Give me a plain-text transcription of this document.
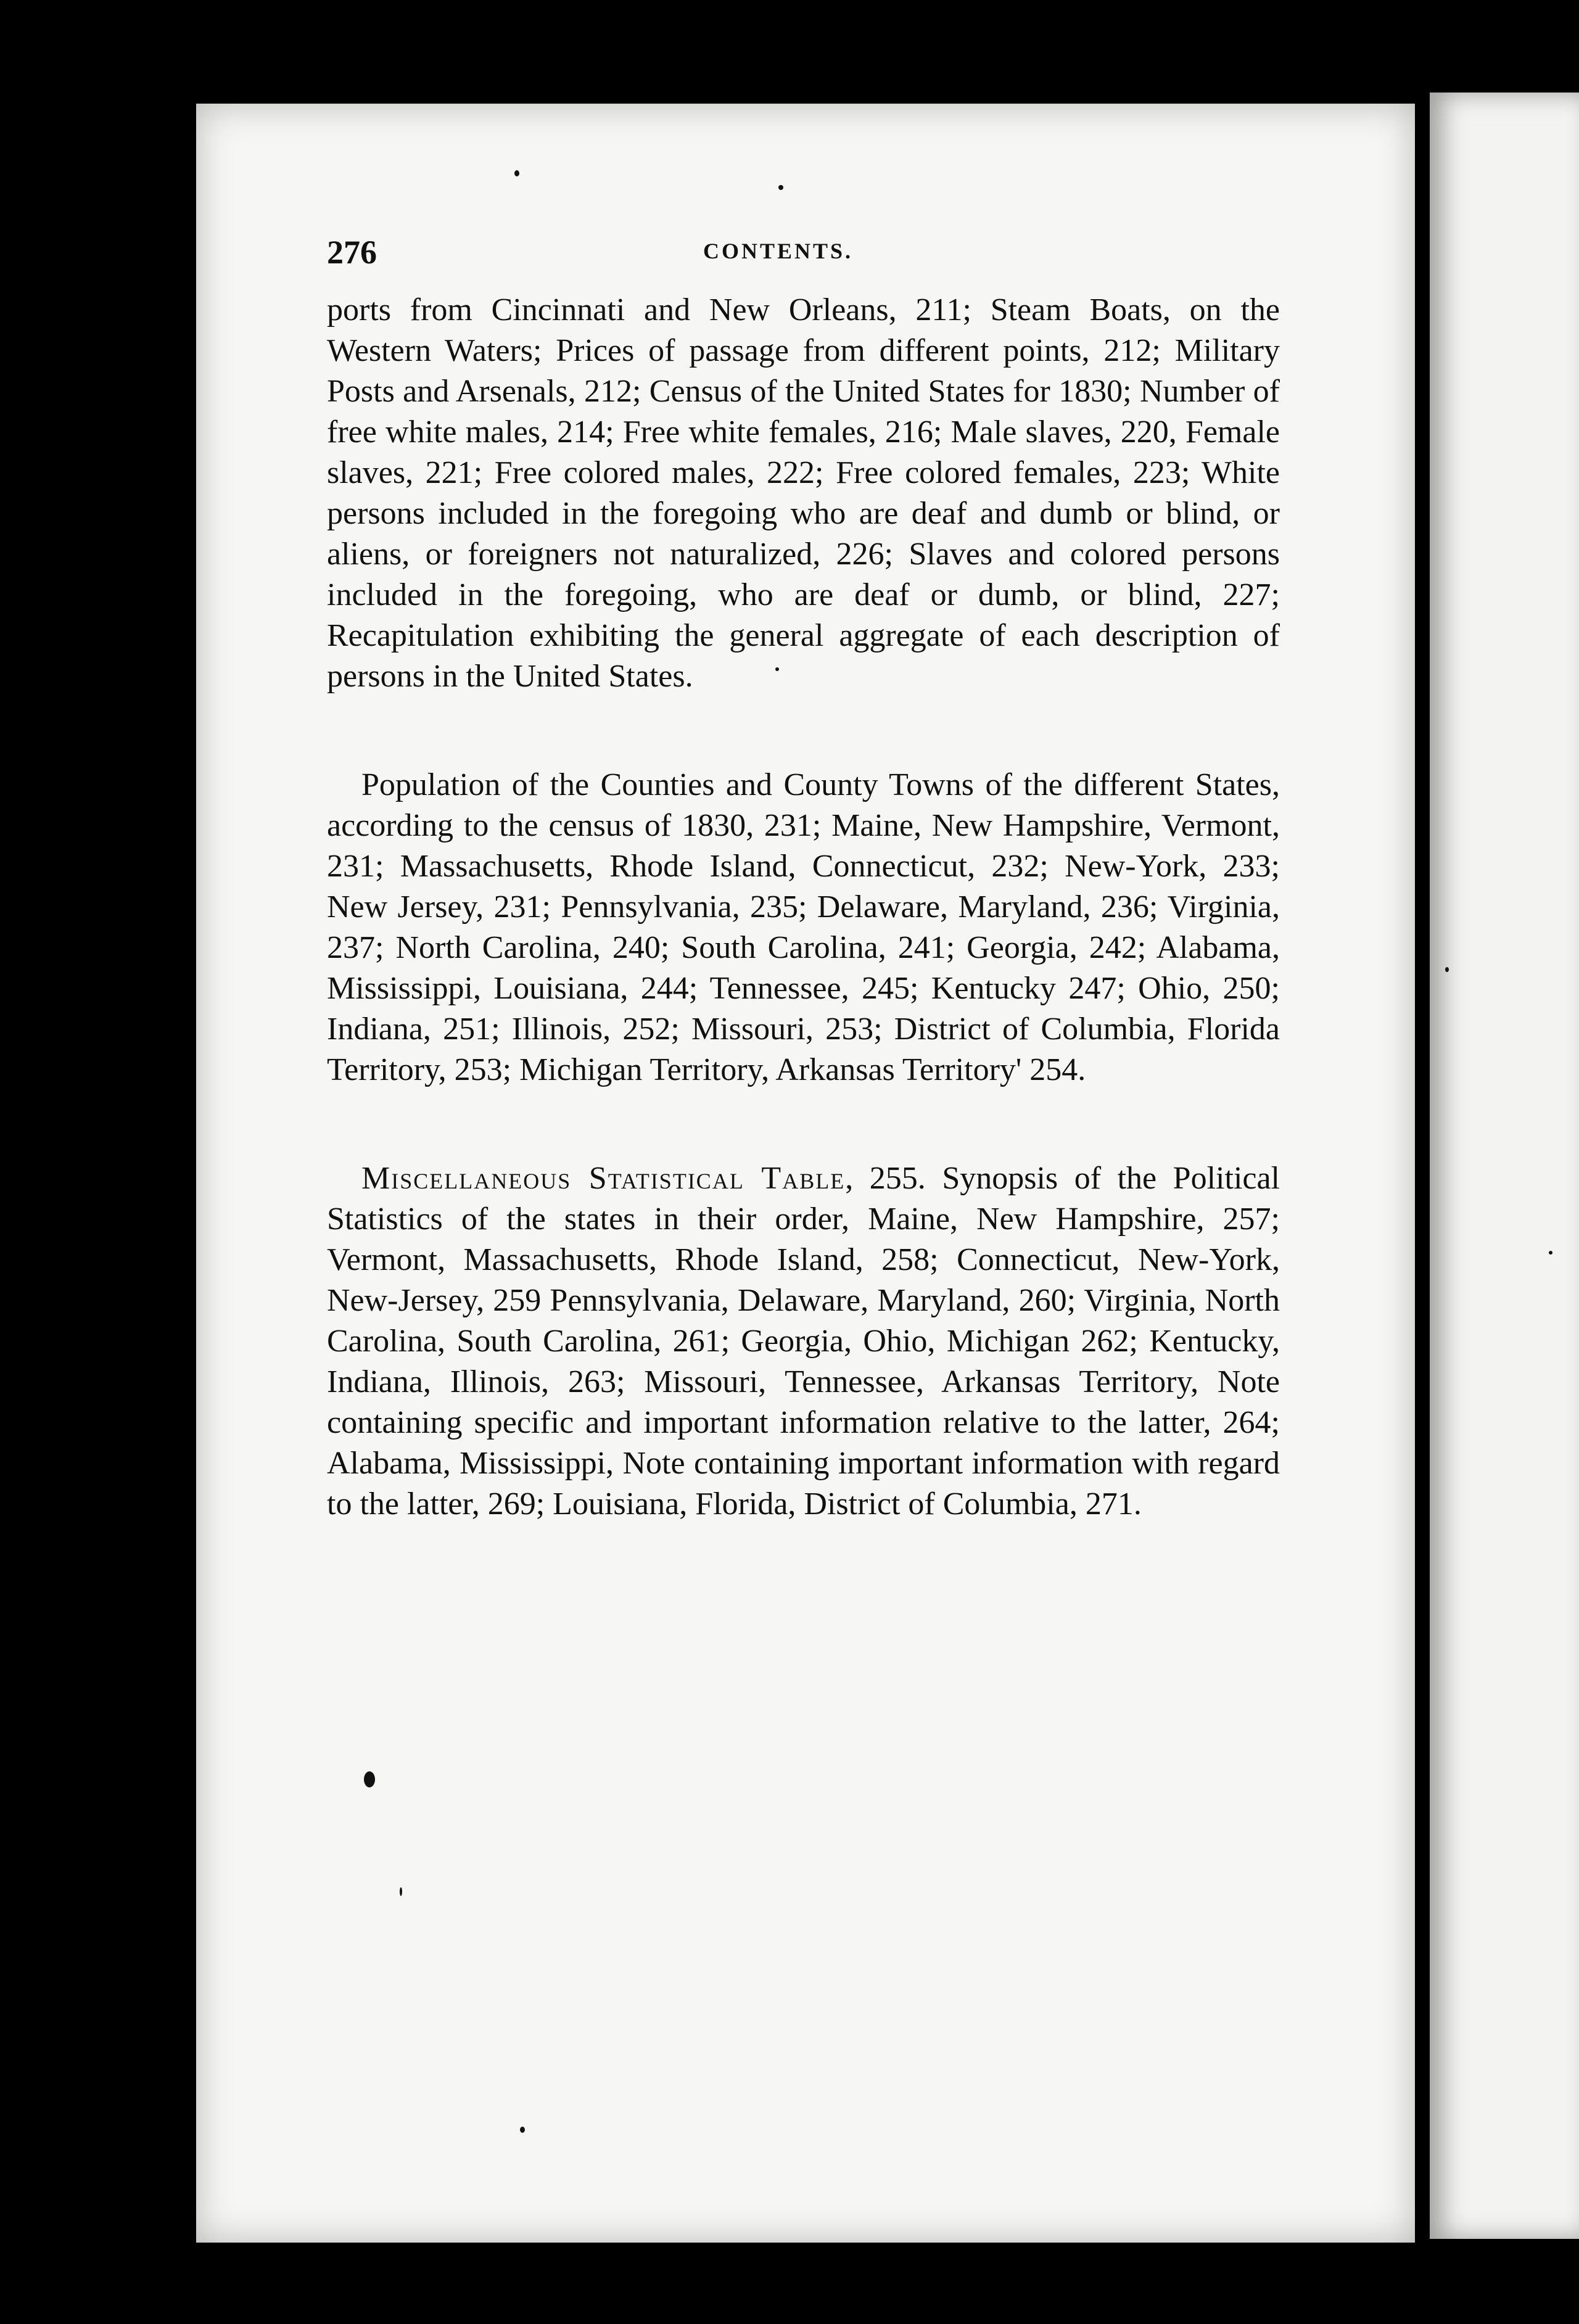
276	CONTENTS.

ports from Cincinnati and New Orleans, 211; Steam Boats, on the Western Waters; Prices of passage from different points, 212; Military Posts and Arsenals, 212; Census of the United States for 1830; Number of free white males, 214; Free white females, 216; Male slaves, 220, Female slaves, 221; Free colored males, 222; Free colored females, 223; White persons included in the foregoing who are deaf and dumb or blind, or aliens, or foreigners not naturalized, 226; Slaves and colored persons included in the foregoing, who are deaf or dumb, or blind, 227; Recapitulation exhibiting the general aggregate of each description of persons in the United States.

Population of the Counties and County Towns of the different States, according to the census of 1830, 231; Maine, New Hampshire, Vermont, 231; Massachusetts, Rhode Island, Connecticut, 232; New-York, 233; New Jersey, 231; Pennsylvania, 235; Delaware, Maryland, 236; Virginia, 237; North Carolina, 240; South Carolina, 241; Georgia, 242; Alabama, Mississippi, Louisiana, 244; Tennessee, 245; Kentucky 247; Ohio, 250; Indiana, 251; Illinois, 252; Missouri, 253; District of Columbia, Florida Territory, 253; Michigan Territory, Arkansas Territory' 254.

Miscellaneous Statistical Table, 255. Synopsis of the Political Statistics of the states in their order, Maine, New Hampshire, 257; Vermont, Massachusetts, Rhode Island, 258; Connecticut, New-York, New-Jersey, 259 Pennsylvania, Delaware, Maryland, 260; Virginia, North Carolina, South Carolina, 261; Georgia, Ohio, Michigan 262; Kentucky, Indiana, Illinois, 263; Missouri, Tennessee, Arkansas Territory, Note containing specific and important information relative to the latter, 264; Alabama, Mississippi, Note containing important information with regard to the latter, 269; Louisiana, Florida, District of Columbia, 271.
